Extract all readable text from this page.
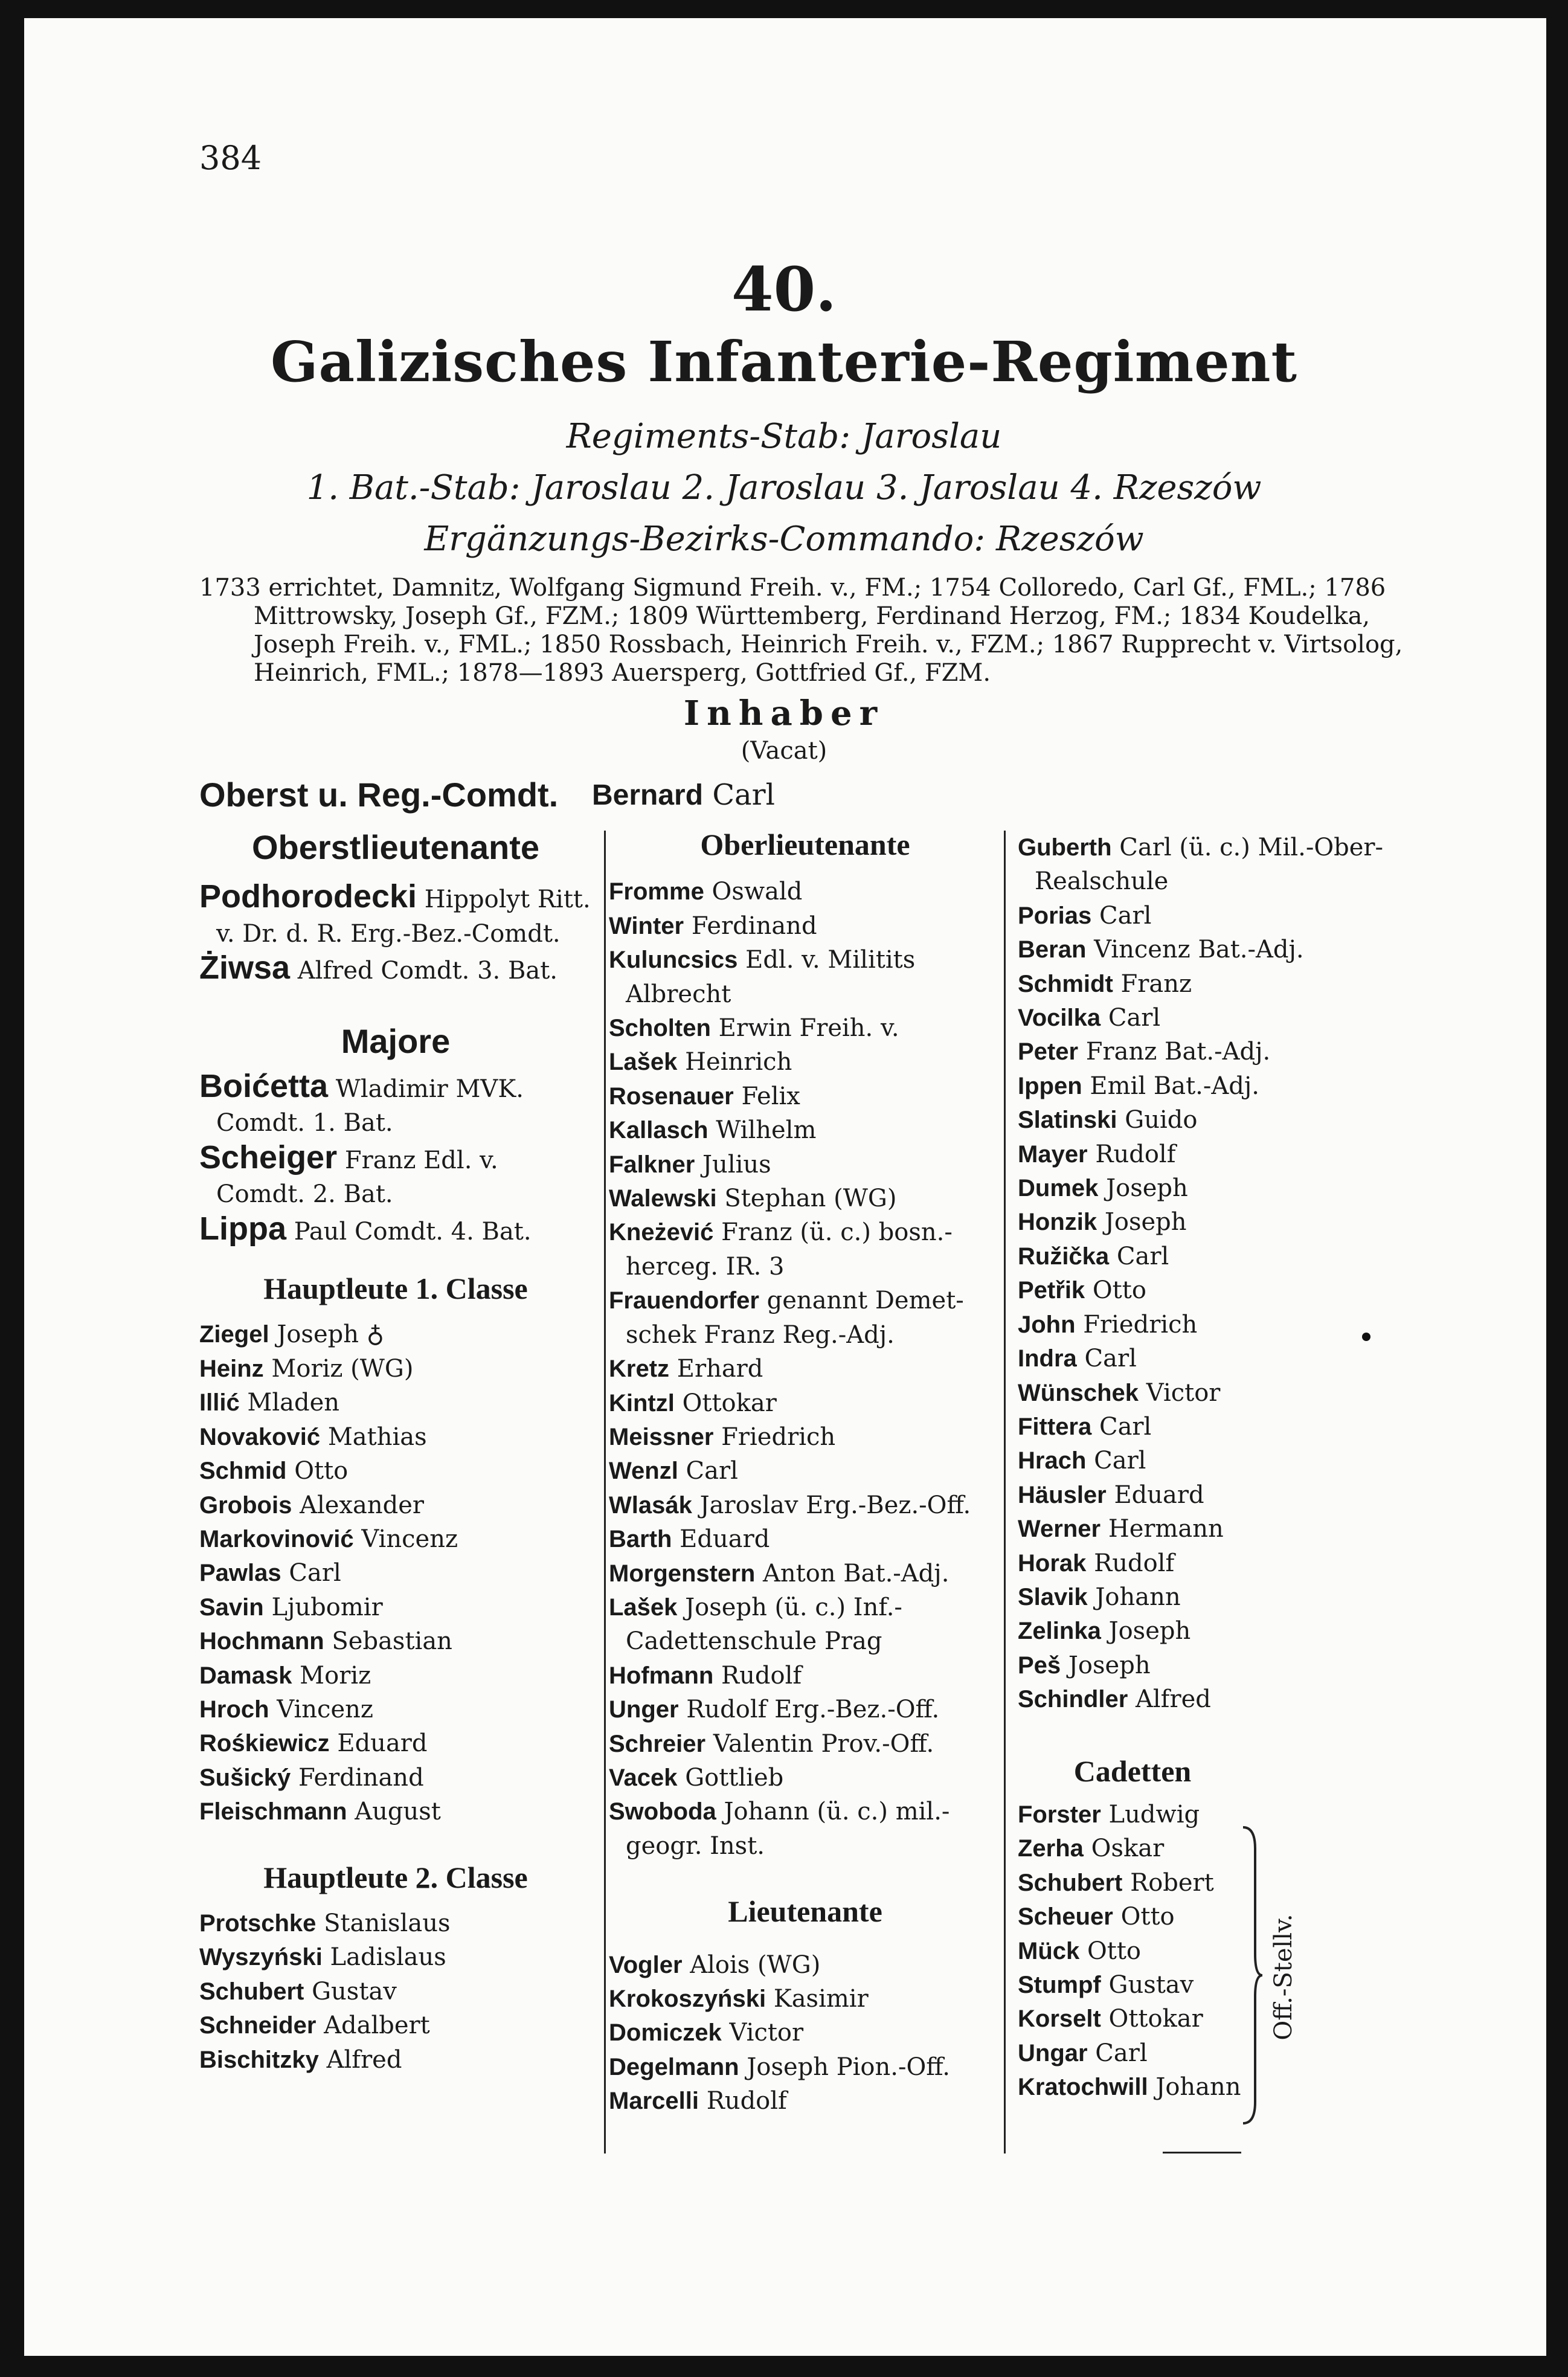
384
40.
Galizisches Infanterie-Regiment
Regiments-Stab: Jaroslau
1. Bat.-Stab: Jaroslau 2. Jaroslau 3. Jaroslau 4. Rzeszów
Ergänzungs-Bezirks-Commando: Rzeszów
1733 errichtet, Damnitz, Wolfgang Sigmund Freih. v., FM.; 1754 Colloredo, Carl Gf., FML.; 1786
Mittrowsky, Joseph Gf., FZM.; 1809 Württemberg, Ferdinand Herzog, FM.; 1834 Koudelka,
Joseph Freih. v., FML.; 1850 Rossbach, Heinrich Freih. v., FZM.; 1867 Rupprecht v. Virtsolog,
Heinrich, FML.; 1878—1893 Auersperg, Gottfried Gf., FZM.
Inhaber
(Vacat)
Oberst u. Reg.-Comdt. Bernard Carl
Oberstlieutenante
Podhorodecki Hippolyt Ritt.
v. Dr. d. R. Erg.-Bez.-Comdt.
Żiwsa Alfred Comdt. 3. Bat.
Majore
Boićetta Wladimir MVK.
Comdt. 1. Bat.
Scheiger Franz Edl. v.
Comdt. 2. Bat.
Lippa Paul Comdt. 4. Bat.
Hauptleute 1. Classe
Ziegel Joseph ♁
Heinz Moriz (WG)
Illić Mladen
Novaković Mathias
Schmid Otto
Grobois Alexander
Markovinović Vincenz
Pawlas Carl
Savin Ljubomir
Hochmann Sebastian
Damask Moriz
Hroch Vincenz
Rośkiewicz Eduard
Sušický Ferdinand
Fleischmann August
Hauptleute 2. Classe
Protschke Stanislaus
Wyszyński Ladislaus
Schubert Gustav
Schneider Adalbert
Bischitzky Alfred
Oberlieutenante
Fromme Oswald
Winter Ferdinand
Kuluncsics Edl. v. Militits
Albrecht
Scholten Erwin Freih. v.
Lašek Heinrich
Rosenauer Felix
Kallasch Wilhelm
Falkner Julius
Walewski Stephan (WG)
Kneżević Franz (ü. c.) bosn.-
herceg. IR. 3
Frauendorfer genannt Demet-
schek Franz Reg.-Adj.
Kretz Erhard
Kintzl Ottokar
Meissner Friedrich
Wenzl Carl
Wlasák Jaroslav Erg.-Bez.-Off.
Barth Eduard
Morgenstern Anton Bat.-Adj.
Lašek Joseph (ü. c.) Inf.-
Cadettenschule Prag
Hofmann Rudolf
Unger Rudolf Erg.-Bez.-Off.
Schreier Valentin Prov.-Off.
Vacek Gottlieb
Swoboda Johann (ü. c.) mil.-
geogr. Inst.
Lieutenante
Vogler Alois (WG)
Krokoszyński Kasimir
Domiczek Victor
Degelmann Joseph Pion.-Off.
Marcelli Rudolf
Guberth Carl (ü. c.) Mil.-Ober-
Realschule
Porias Carl
Beran Vincenz Bat.-Adj.
Schmidt Franz
Vocilka Carl
Peter Franz Bat.-Adj.
Ippen Emil Bat.-Adj.
Slatinski Guido
Mayer Rudolf
Dumek Joseph
Honzik Joseph
Ružička Carl
Petřik Otto
John Friedrich
Indra Carl
Wünschek Victor
Fittera Carl
Hrach Carl
Häusler Eduard
Werner Hermann
Horak Rudolf
Slavik Johann
Zelinka Joseph
Peš Joseph
Schindler Alfred
Cadetten
Forster Ludwig
Zerha Oskar
Schubert Robert
Scheuer Otto
Mück Otto
Stumpf Gustav
Korselt Ottokar
Ungar Carl
Kratochwill Johann
Off.-Stellv.
